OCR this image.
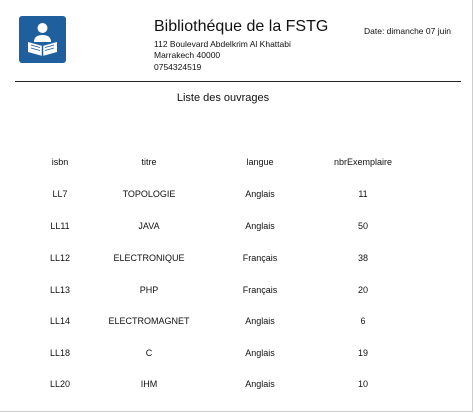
Bibliothéque de la FSTG
112 Boulevard Abdelkrim Al Khattabi
Marrakech 40000
0754324519
Date: dimanche 07 juin
Liste des ouvrages
isbn	titre	langue	nbrExemplaire
LL7	TOPOLOGIE	Anglais	11
LL11	JAVA	Anglais	50
LL12	ELECTRONIQUE	Français	38
LL13	PHP	Français	20
LL14	ELECTROMAGNET	Anglais	6
LL18	C	Anglais	19
LL20	IHM	Anglais	10
